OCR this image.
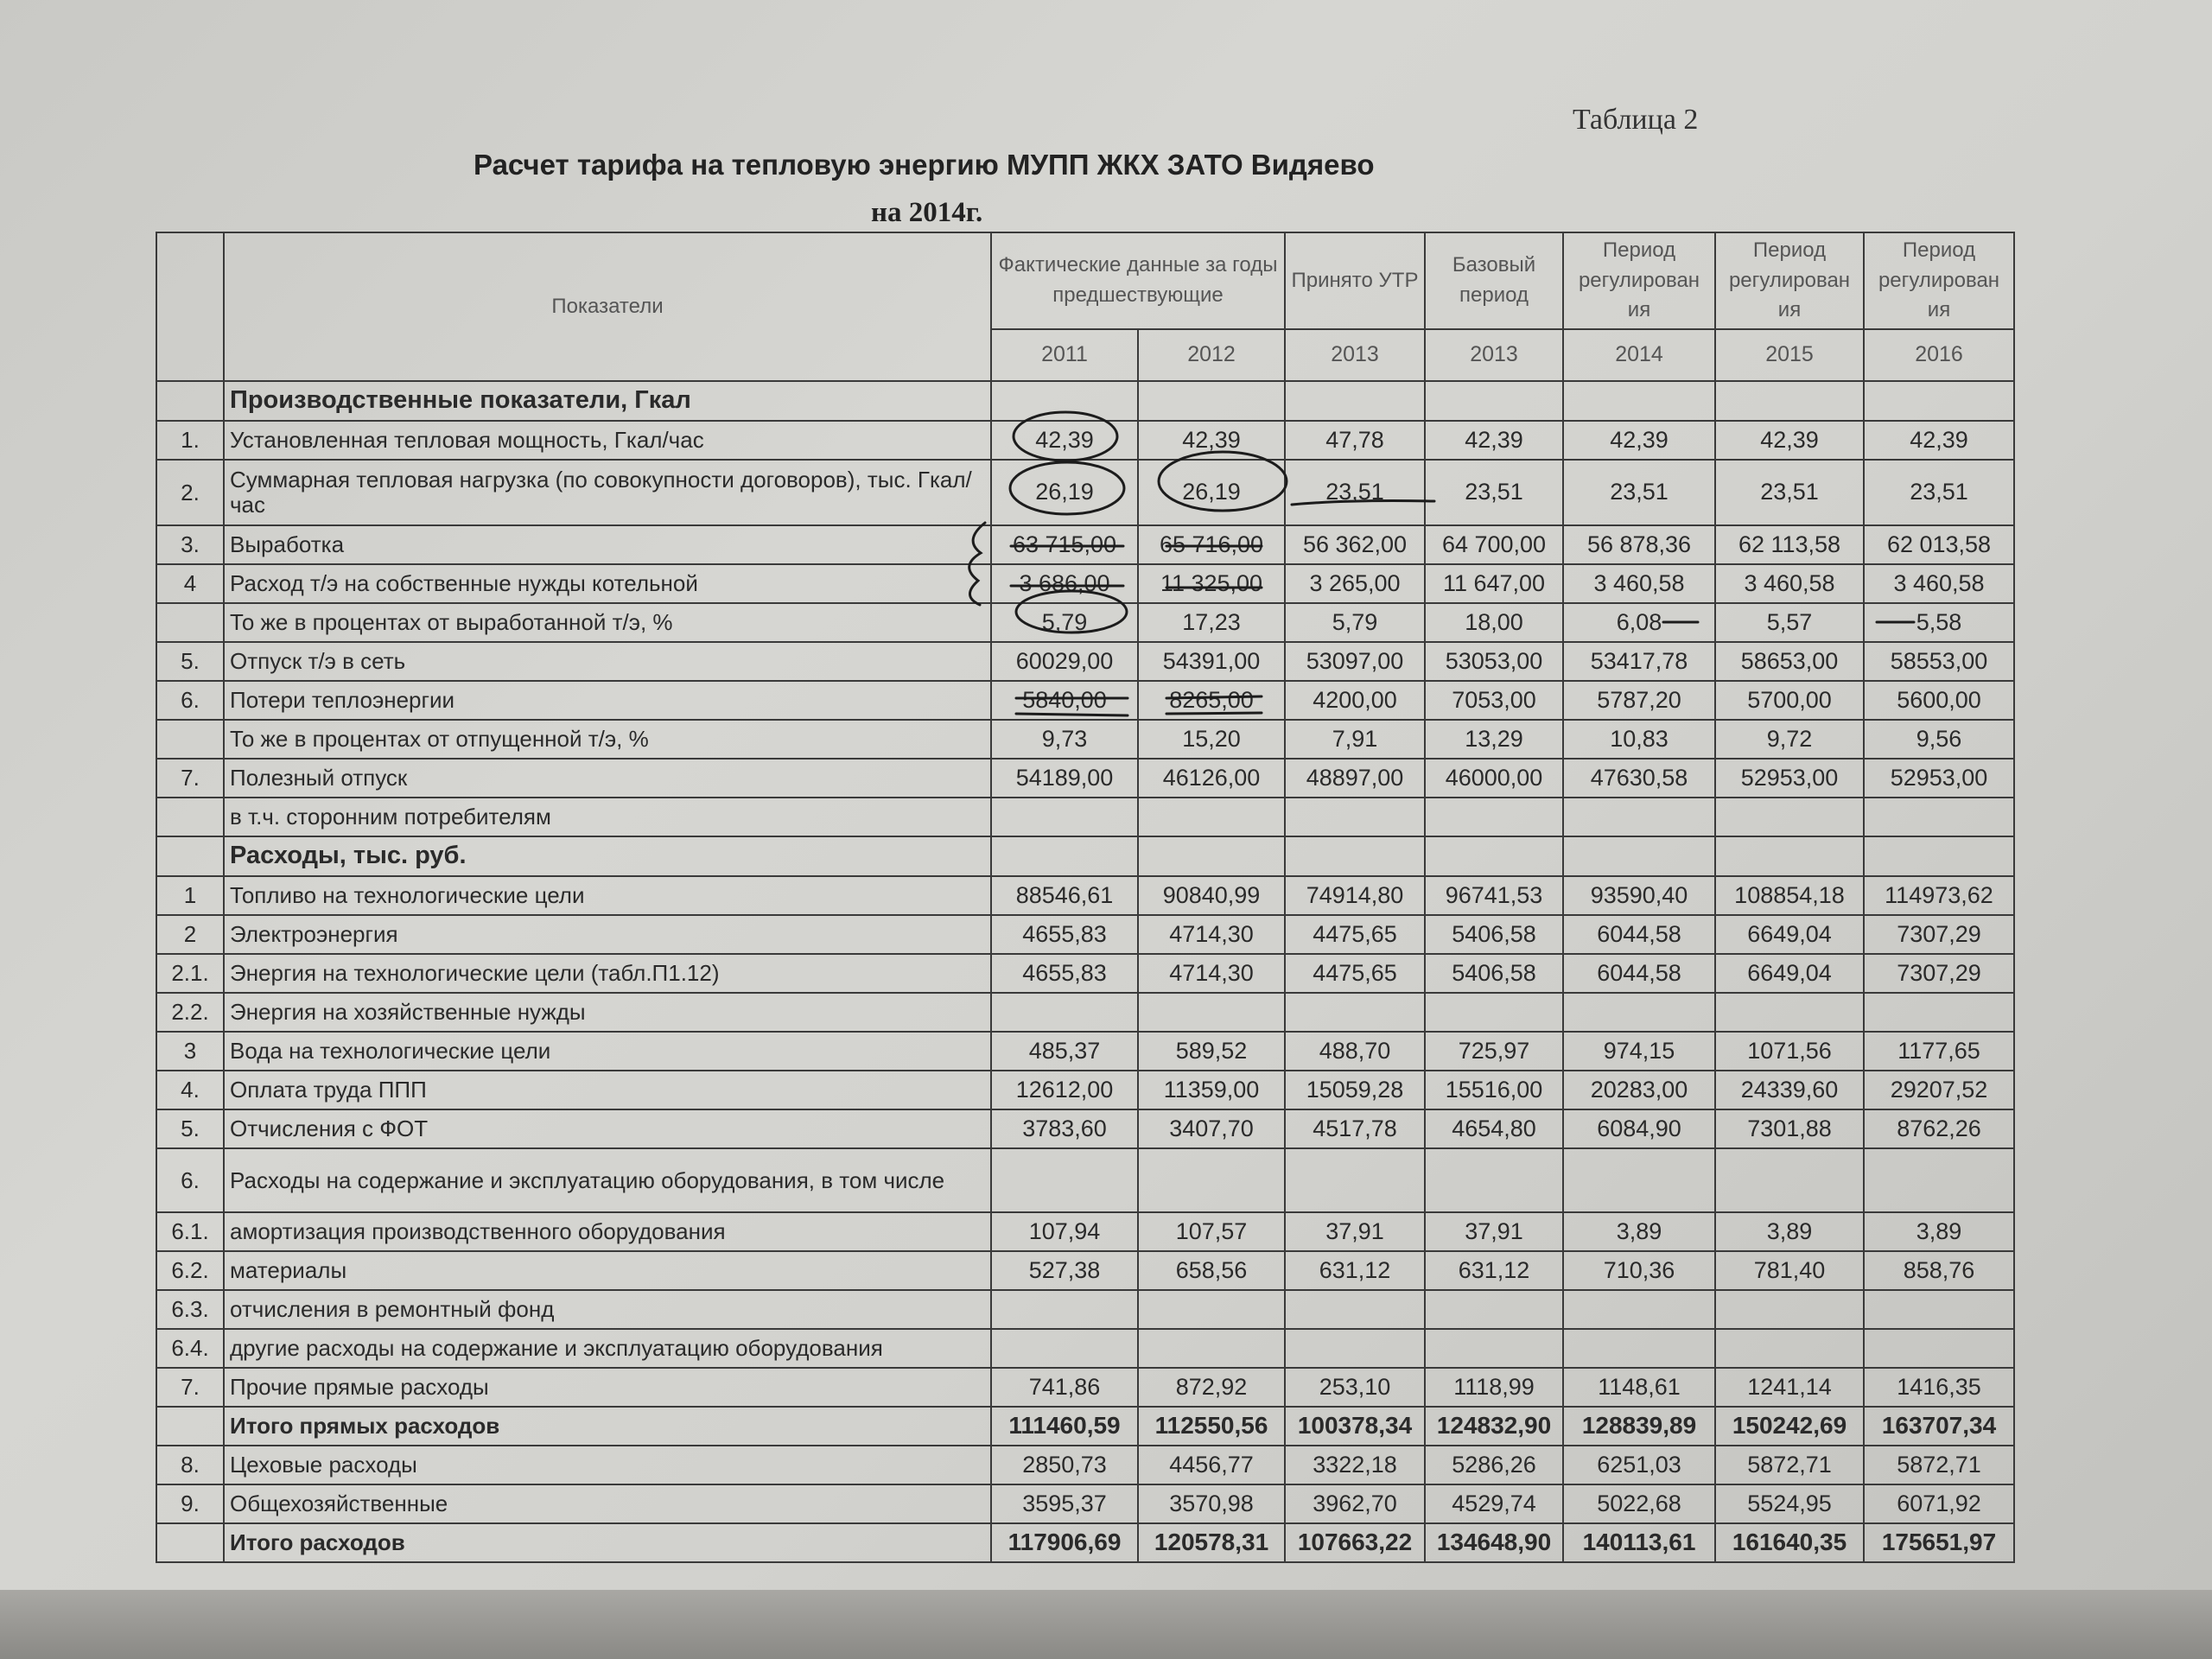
Таблица 2
Расчет тарифа на тепловую энергию МУПП ЖКХ ЗАТО Видяево
на 2014г.
	Показатели	Фактические данные за годы предшествующие		Принято УТР	Базовый период	Период регулирован ия	Период регулирован ия	Период регулирован ия
		2011	2012	2013	2013	2014	2015	2016
	Производственные показатели, Гкал							
1.	Установленная тепловая мощность, Гкал/час	42,39	42,39	47,78	42,39	42,39	42,39	42,39
2.	Суммарная тепловая нагрузка (по совокупности договоров), тыс. Гкал/час	26,19	26,19	23,51	23,51	23,51	23,51	23,51
3.	Выработка	63 715,00	65 716,00	56 362,00	64 700,00	56 878,36	62 113,58	62 013,58
4	Расход т/э на собственные нужды котельной	3 686,00	11 325,00	3 265,00	11 647,00	3 460,58	3 460,58	3 460,58
	То же в процентах от выработанной т/э, %	5,79	17,23	5,79	18,00	6,08	5,57	5,58
5.	Отпуск т/э в сеть	60029,00	54391,00	53097,00	53053,00	53417,78	58653,00	58553,00
6.	Потери теплоэнергии	5840,00	8265,00	4200,00	7053,00	5787,20	5700,00	5600,00
	То же в процентах от отпущенной т/э, %	9,73	15,20	7,91	13,29	10,83	9,72	9,56
7.	Полезный отпуск	54189,00	46126,00	48897,00	46000,00	47630,58	52953,00	52953,00
	в т.ч. сторонним потребителям							
	Расходы, тыс. руб.							
1	Топливо на технологические цели	88546,61	90840,99	74914,80	96741,53	93590,40	108854,18	114973,62
2	Электроэнергия	4655,83	4714,30	4475,65	5406,58	6044,58	6649,04	7307,29
2.1.	Энергия на технологические цели (табл.П1.12)	4655,83	4714,30	4475,65	5406,58	6044,58	6649,04	7307,29
2.2.	Энергия на хозяйственные нужды							
3	Вода на технологические цели	485,37	589,52	488,70	725,97	974,15	1071,56	1177,65
4.	Оплата труда ППП	12612,00	11359,00	15059,28	15516,00	20283,00	24339,60	29207,52
5.	Отчисления с ФОТ	3783,60	3407,70	4517,78	4654,80	6084,90	7301,88	8762,26
6.	Расходы на содержание и эксплуатацию оборудования, в том числе							
6.1.	амортизация производственного оборудования	107,94	107,57	37,91	37,91	3,89	3,89	3,89
6.2.	материалы	527,38	658,56	631,12	631,12	710,36	781,40	858,76
6.3.	отчисления в ремонтный фонд							
6.4.	другие расходы на содержание и эксплуатацию оборудования							
7.	Прочие прямые расходы	741,86	872,92	253,10	1118,99	1148,61	1241,14	1416,35
	Итого прямых расходов	111460,59	112550,56	100378,34	124832,90	128839,89	150242,69	163707,34
8.	Цеховые расходы	2850,73	4456,77	3322,18	5286,26	6251,03	5872,71	5872,71
9.	Общехозяйственные	3595,37	3570,98	3962,70	4529,74	5022,68	5524,95	6071,92
	Итого расходов	117906,69	120578,31	107663,22	134648,90	140113,61	161640,35	175651,97
